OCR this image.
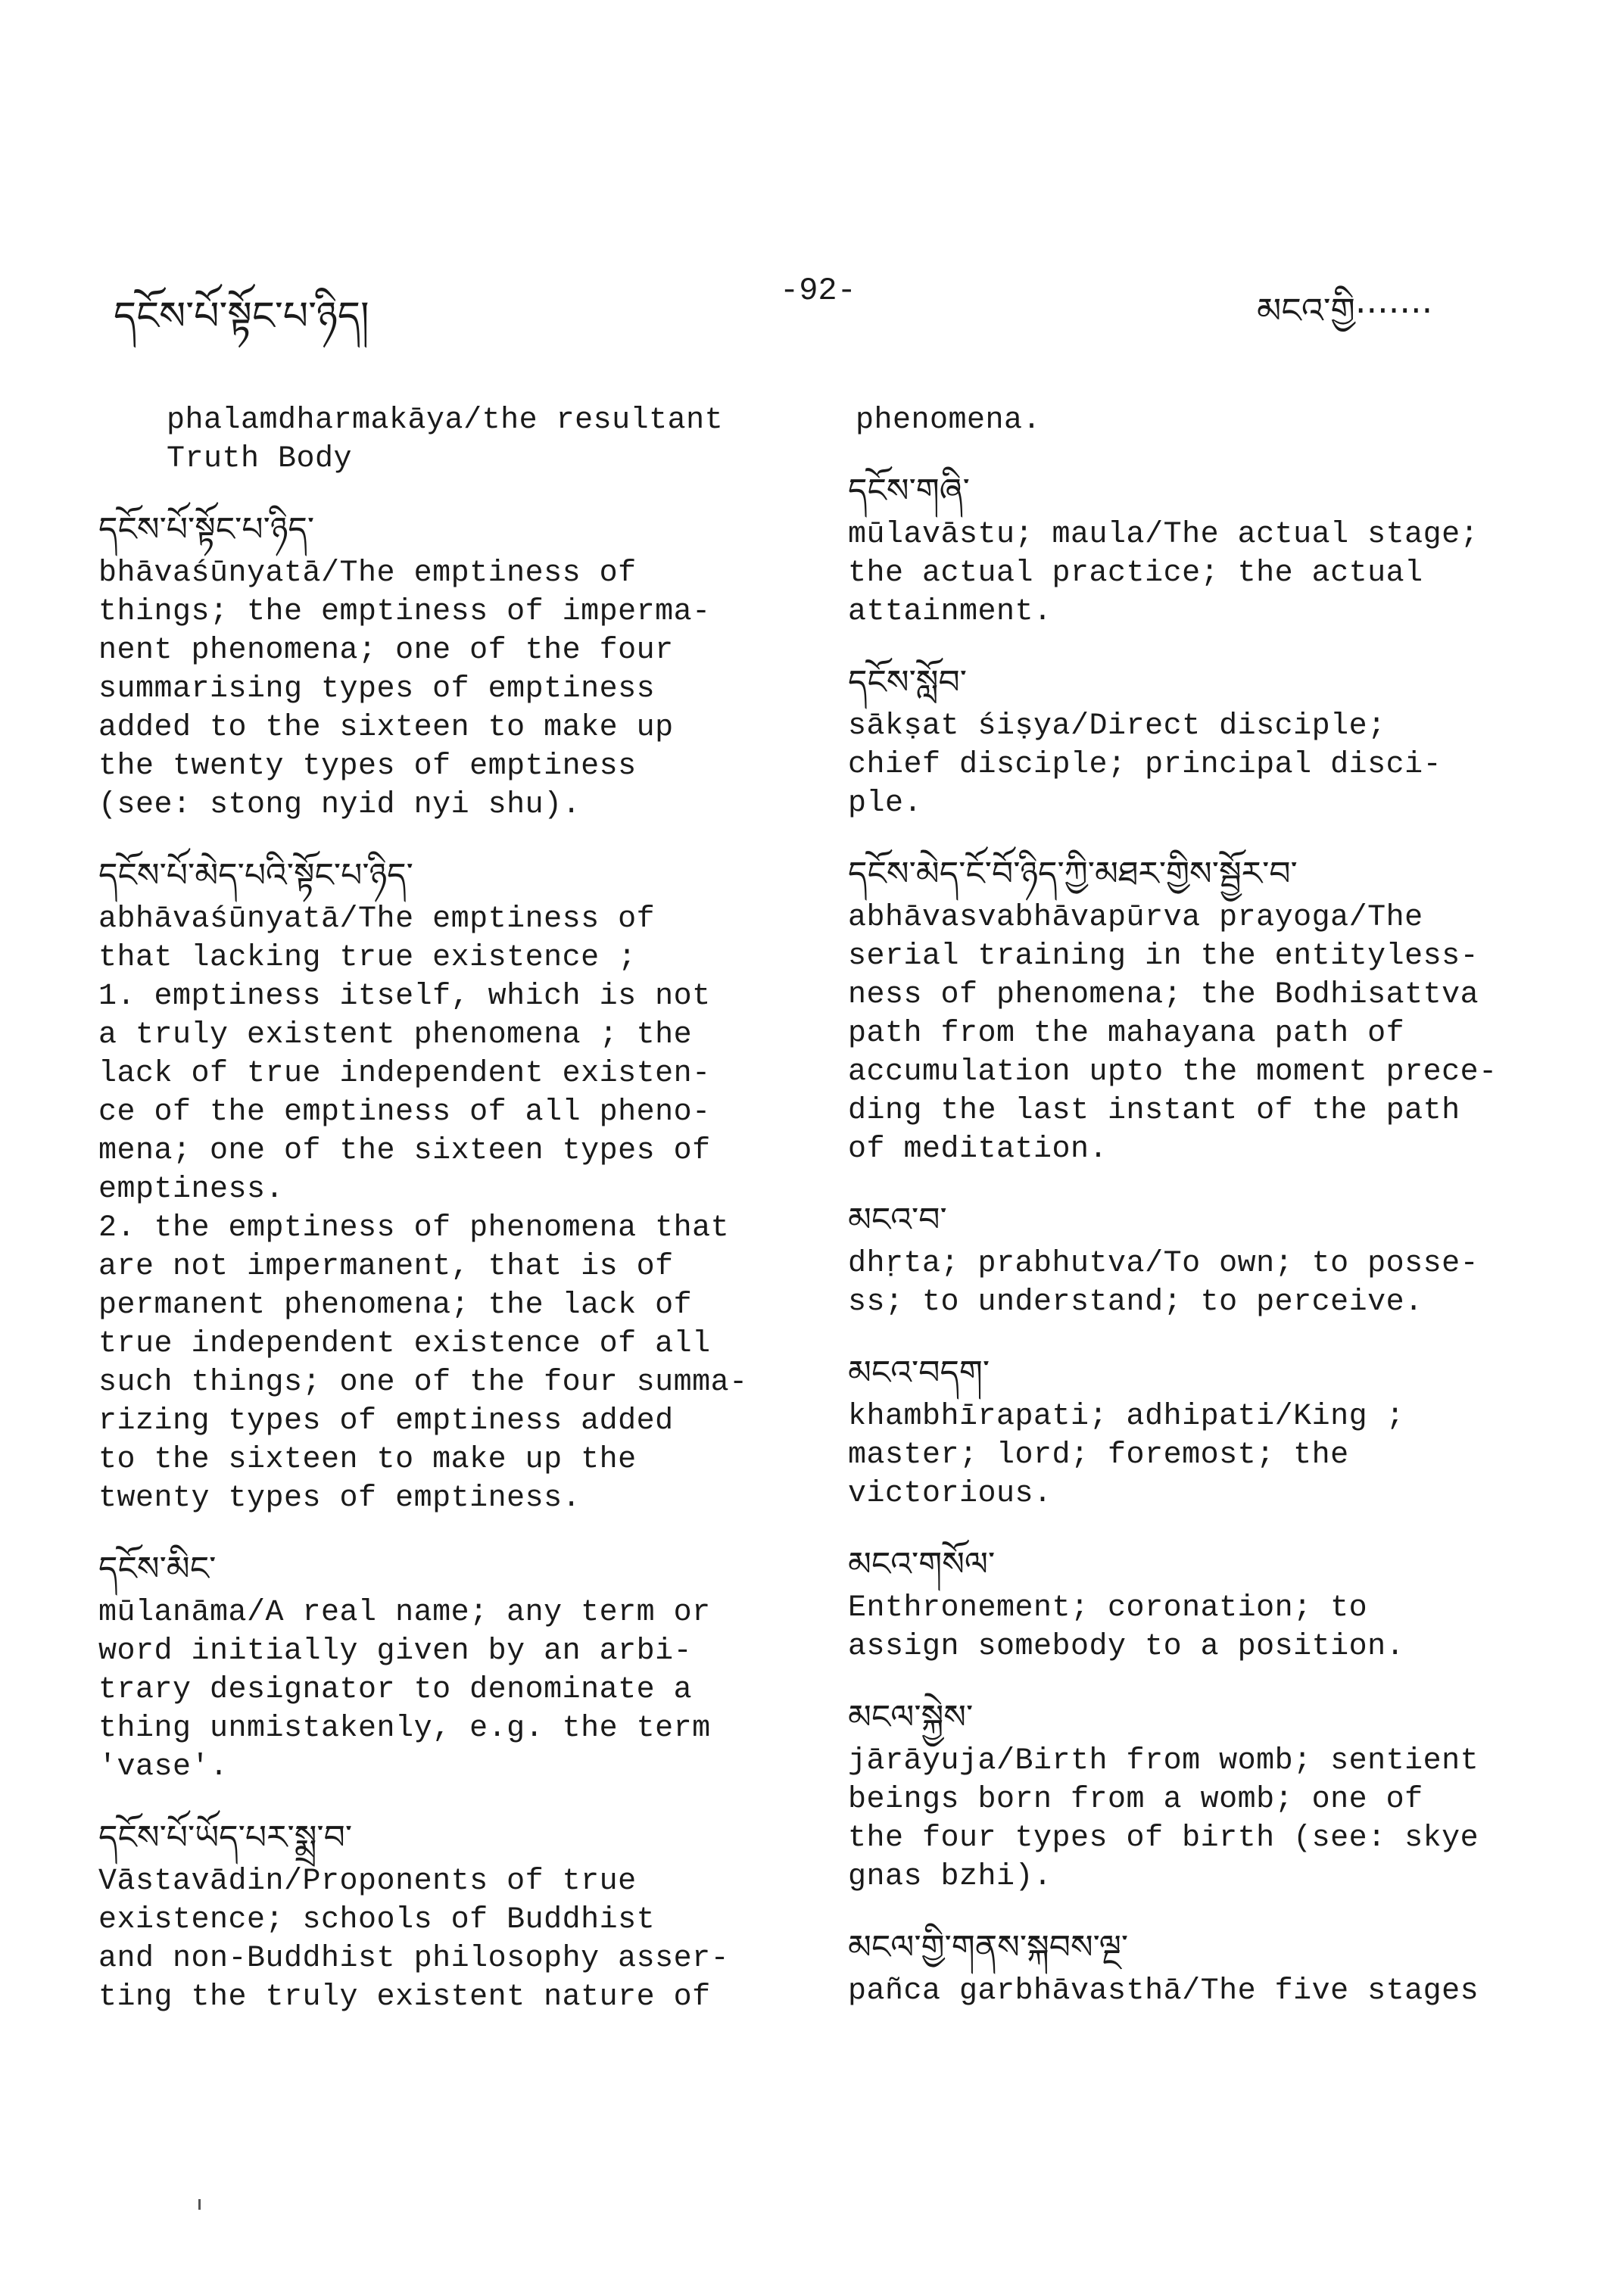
དངོས་པོ་སྟོང་པ་ཉིད།
-92-	མངའ་གྱི·······
phalamdharmakāya/the resultant
Truth Body
དངོས་པོ་སྟོང་པ་ཉིད་
bhāvaśūnyatā/The emptiness of
things; the emptiness of imperma-
nent phenomena; one of the four
summarising types of emptiness
added to the sixteen to make up
the twenty types of emptiness
(see: stong nyid nyi shu).
དངོས་པོ་མེད་པའི་སྟོང་པ་ཉིད་
abhāvaśūnyatā/The emptiness of
that lacking true existence ;
1. emptiness itself, which is not
a truly existent phenomena ; the
lack of true independent existen-
ce of the emptiness of all pheno-
mena; one of the sixteen types of
emptiness.
2. the emptiness of phenomena that
are not impermanent, that is of
permanent phenomena; the lack of
true independent existence of all
such things; one of the four summa-
rizing types of emptiness added
to the sixteen to make up the
twenty types of emptiness.
དངོས་མིང་
mūlanāma/A real name; any term or
word initially given by an arbi-
trary designator to denominate a
thing unmistakenly, e.g. the term
'vase'.
དངོས་པོ་ཡོད་པར་སྨྲ་བ་
Vāstavādin/Proponents of true
existence; schools of Buddhist
and non-Buddhist philosophy asser-
ting the truly existent nature of
phenomena.
དངོས་གཞི་
mūlavāstu; maula/The actual stage;
the actual practice; the actual
attainment.
དངོས་སློབ་
sākṣat śiṣya/Direct disciple;
chief disciple; principal disci-
ple.
དངོས་མེད་ངོ་བོ་ཉིད་ཀྱི་མཐར་གྱིས་སྦྱོར་བ་
abhāvasvabhāvapūrva prayoga/The
serial training in the entityless-
ness of phenomena; the Bodhisattva
path from the mahayana path of
accumulation upto the moment prece-
ding the last instant of the path
of meditation.
མངའ་བ་
dhṛta; prabhutva/To own; to posse-
ss; to understand; to perceive.
མངའ་བདག་
khambhīrapati; adhipati/King ;
master; lord; foremost; the
victorious.
མངའ་གསོལ་
Enthronement; coronation; to
assign somebody to a position.
མངལ་སྐྱེས་
jārāyuja/Birth from womb; sentient
beings born from a womb; one of
the four types of birth (see: skye
gnas bzhi).
མངལ་གྱི་གནས་སྐབས་ལྔ་
pañca garbhāvasthā/The five stages
